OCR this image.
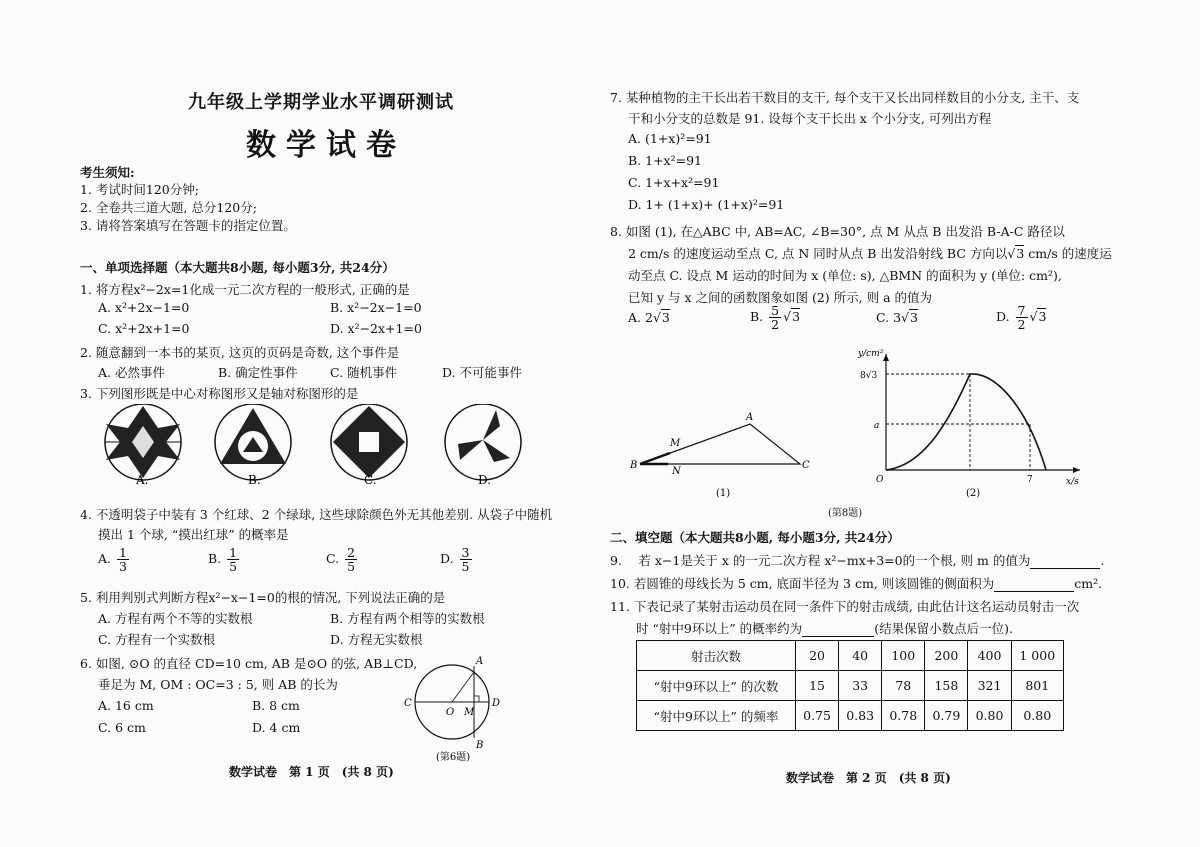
九年级上学期学业水平调研测试
数学试卷
考生须知:
1. 考试时间120分钟;
2. 全卷共三道大题, 总分120分;
3. 请将答案填写在答题卡的指定位置。
一、单项选择题（本大题共8小题, 每小题3分, 共24分）
1. 将方程x²−2x=1化成一元二次方程的一般形式, 正确的是
A. x²+2x−1=0	B. x²−2x−1=0
C. x²+2x+1=0	D. x²−2x+1=0
2. 随意翻到一本书的某页, 这页的页码是奇数, 这个事件是
A. 必然事件	B. 确定性事件	C. 随机事件	D. 不可能事件
3. 下列图形既是中心对称图形又是轴对称图形的是
A.	B.	C.	D.
4. 不透明袋子中装有 3 个红球、2 个绿球, 这些球除颜色外无其他差别. 从袋子中随机
摸出 1 个球, “摸出红球” 的概率是
A. $\frac{1}{3}$	B. $\frac{1}{5}$	C. $\frac{2}{5}$	D. $\frac{3}{5}$
5. 利用判别式判断方程x²−x−1=0的根的情况, 下列说法正确的是
A. 方程有两个不等的实数根	B. 方程有两个相等的实数根
C. 方程有一个实数根	D. 方程无实数根
6. 如图, ⊙O 的直径 CD=10 cm, AB 是⊙O 的弦, AB⊥CD,
垂足为 M, OM : OC=3 : 5, 则 AB 的长为
A. 16 cm	B. 8 cm
C. 6 cm	D. 4 cm
C	D
A
B
O M
(第6题)
数学试卷　第 1 页　(共 8 页)
7. 某种植物的主干长出若干数目的支干, 每个支干又长出同样数目的小分支, 主干、支
干和小分支的总数是 91. 设每个支干长出 x 个小分支, 可列出方程
A. (1+x)²=91
B. 1+x²=91
C. 1+x+x²=91
D. 1+ (1+x)+ (1+x)²=91
8. 如图 (1), 在△ABC 中, AB=AC, ∠B=30°, 点 M 从点 B 出发沿 B-A-C 路径以
2 cm/s 的速度运动至点 C, 点 N 同时从点 B 出发沿射线 BC 方向以√3 cm/s 的速度运
动至点 C. 设点 M 运动的时间为 x (单位: s), △BMN 的面积为 y (单位: cm²),
已知 y 与 x 之间的函数图象如图 (2) 所示, 则 a 的值为
A. 2√3	B. $\frac{5}{2} √3$	C. 3√3	D. $\frac{7}{2} √3$
A
B	C
M
N
(1)
(第8题)
y/cm²
x/s
8√3
a
O	7
(2)
二、填空题（本大题共8小题, 每小题3分, 共24分）
9. 　若 x−1是关于 x 的一元二次方程 x²−mx+3=0的一个根, 则 m 的值为	.
10. 若圆锥的母线长为 5 cm, 底面半径为 3 cm, 则该圆锥的侧面积为	cm².
11. 下表记录了某射击运动员在同一条件下的射击成绩, 由此估计这名运动员射击一次
时 “射中9环以上” 的概率约为	(结果保留小数点后一位).
射击次数	20	40	100	200	400	1 000
“射中9环以上” 的次数	15	33	78	158	321	801
“射中9环以上” 的频率	0.75	0.83	0.78	0.79	0.80	0.80
数学试卷　第 2 页　(共 8 页)
